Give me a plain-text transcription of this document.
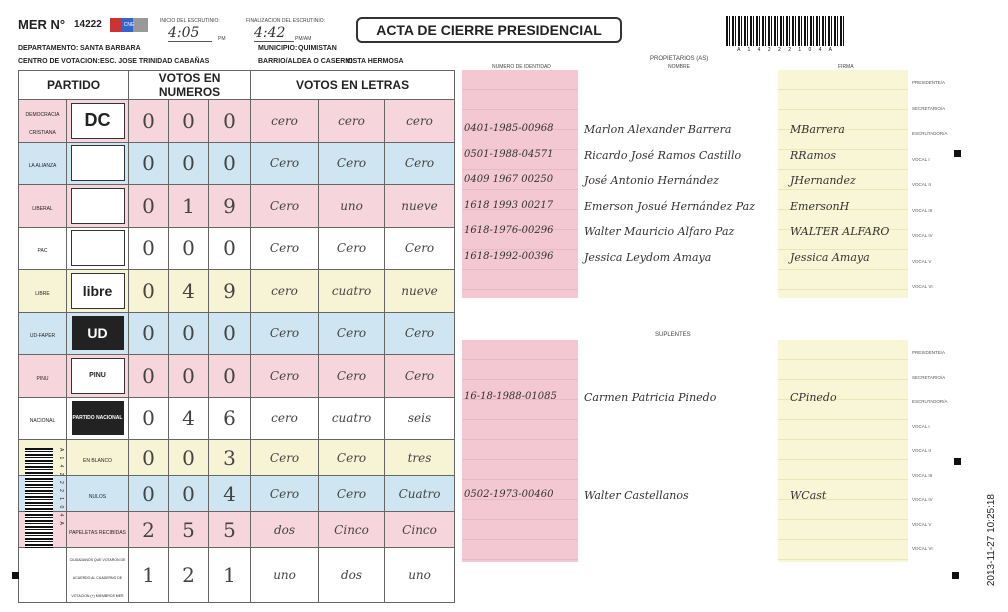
MER N° 14222	CNE
INICIO DEL ESCRUTINIO:
4:05	PM
FINALIZACION DEL ESCRUTINIO:
4:42	PM/AM
ACTA DE CIERRE PRESIDENCIAL
A 1 4 2 2 2 1 0 4 A
DEPARTAMENTO: SANTA BARBARA	MUNICIPIO: QUIMISTAN
CENTRO DE VOTACION: ESC. JOSE TRINIDAD CABAÑAS	BARRIO/ALDEA O CASERIO:
VISTA HERMOSA
PARTIDO		VOTOS EN NUMEROS			VOTOS EN LETRAS		
DEMOCRACIA CRISTIANA	DC	0	0	0	cero	cero	cero
LA ALIANZA		0	0	0	Cero	Cero	Cero
LIBERAL		0	1	9	Cero	uno	nueve
PAC		0	0	0	Cero	Cero	Cero
LIBRE	libre	0	4	9	cero	cuatro	nueve
UD-FAPER	UD	0	0	0	Cero	Cero	Cero
PINU	PINU	0	0	0	Cero	Cero	Cero
NACIONAL	PARTIDO NACIONAL	0	4	6	cero	cuatro	seis
	EN BLANCO	0	0	3	Cero	Cero	tres
	NULOS	0	0	4	Cero	Cero	Cuatro
	PAPELETAS RECIBIDAS	2	5	5	dos	Cinco	Cinco
	CIUDADANOS QUE VOTARON DE ACUERDO AL CUADERNO DE VOTACION (+) MIEMBROS MER	1	2	1	uno	dos	uno
A 1 4 2 2 2 1 0 4 A
PROPIETARIOS (AS)
NUMERO DE IDENTIDAD	NOMBRE	FIRMA
SUPLENTES
PRESIDENTE/A
SECRETARIO/A
ESCRUTADOR/A
0401-1985-00968	Marlon Alexander Barrera	MBarrera
VOCAL I
0501-1988-04571	Ricardo José Ramos Castillo	RRamos
VOCAL II
0409 1967 00250	José Antonio Hernández	JHernandez
VOCAL III
1618 1993 00217	Emerson Josué Hernández Paz	EmersonH
VOCAL IV
1618-1976-00296	Walter Mauricio Alfaro Paz	WALTER ALFARO
VOCAL V
1618-1992-00396	Jessica Leydom Amaya	Jessica Amaya
VOCAL VI
PRESIDENTE/A
SECRETARIO/A
ESCRUTADOR/A
16-18-1988-01085 Carmen Patricia Pinedo	CPinedo
VOCAL I
VOCAL II
VOCAL III
VOCAL IV
0502-1973-00460	Walter Castellanos	WCast
VOCAL V
VOCAL VI	2013-11-27 10:25:18
